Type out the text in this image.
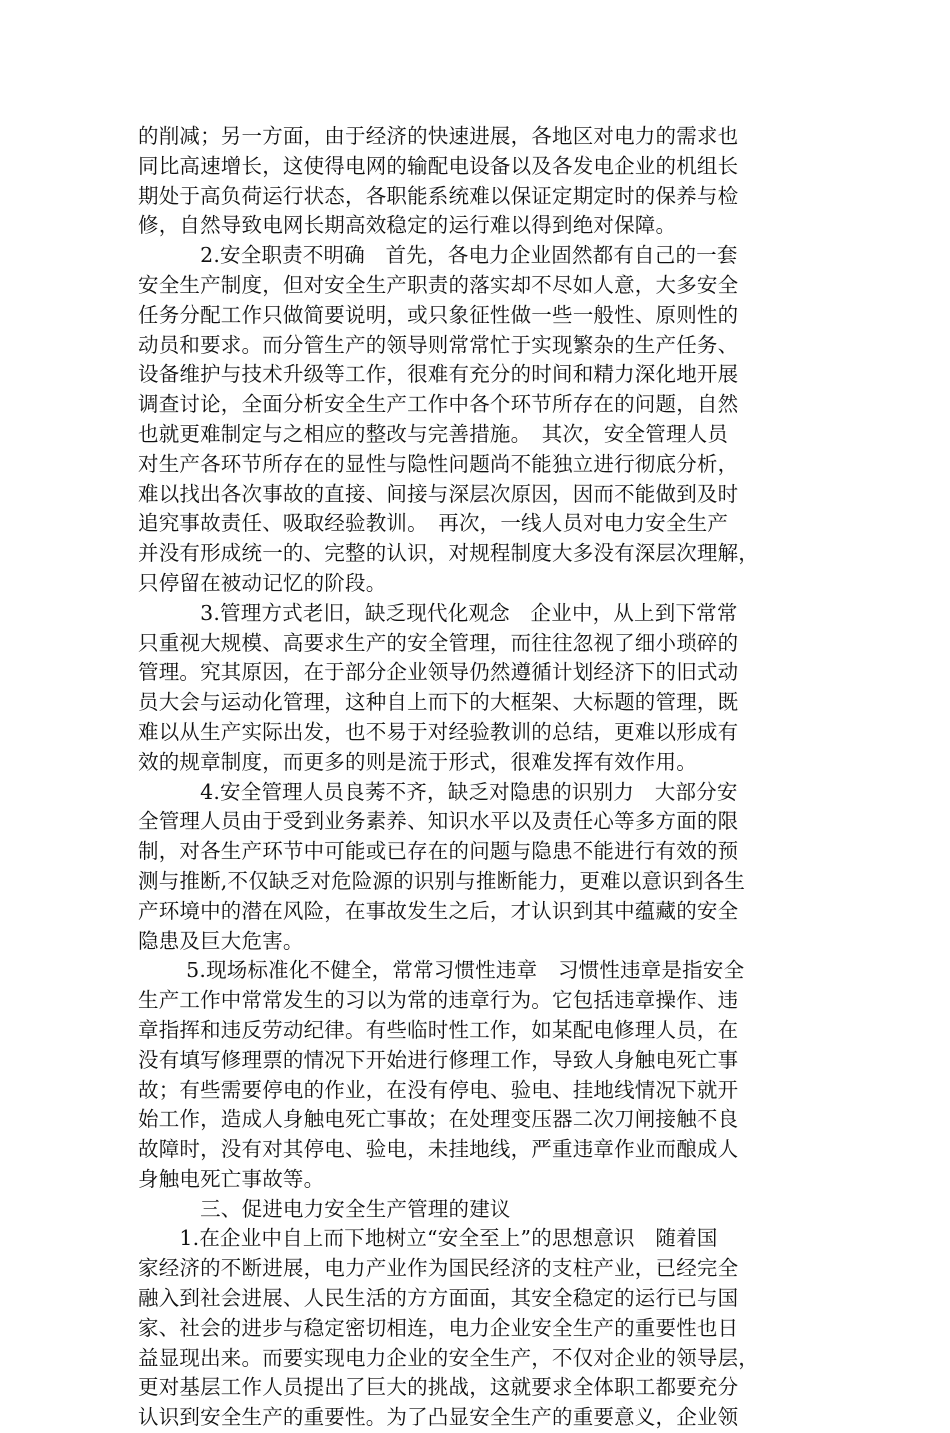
的削减；另一方面，由于经济的快速进展，各地区对电力的需求也
同比高速增长，这使得电网的输配电设备以及各发电企业的机组长
期处于高负荷运行状态，各职能系统难以保证定期定时的保养与检
修，自然导致电网长期高效稳定的运行难以得到绝对保障。
　　　2.安全职责不明确　首先，各电力企业固然都有自己的一套
安全生产制度，但对安全生产职责的落实却不尽如人意，大多安全
任务分配工作只做简要说明，或只象征性做一些一般性、原则性的
动员和要求。而分管生产的领导则常常忙于实现繁杂的生产任务、
设备维护与技术升级等工作，很难有充分的时间和精力深化地开展
调查讨论，全面分析安全生产工作中各个环节所存在的问题，自然
也就更难制定与之相应的整改与完善措施。　其次，安全管理人员
对生产各环节所存在的显性与隐性问题尚不能独立进行彻底分析，
难以找出各次事故的直接、间接与深层次原因，因而不能做到及时
追究事故责任、吸取经验教训。　再次，一线人员对电力安全生产
并没有形成统一的、完整的认识，对规程制度大多没有深层次理解，
只停留在被动记忆的阶段。
　　　3.管理方式老旧，缺乏现代化观念　企业中，从上到下常常
只重视大规模、高要求生产的安全管理，而往往忽视了细小琐碎的
管理。究其原因，在于部分企业领导仍然遵循计划经济下的旧式动
员大会与运动化管理，这种自上而下的大框架、大标题的管理，既
难以从生产实际出发，也不易于对经验教训的总结，更难以形成有
效的规章制度，而更多的则是流于形式，很难发挥有效作用。
　　　4.安全管理人员良莠不齐，缺乏对隐患的识别力　大部分安
全管理人员由于受到业务素养、知识水平以及责任心等多方面的限
制，对各生产环节中可能或已存在的问题与隐患不能进行有效的预
测与推断,不仅缺乏对危险源的识别与推断能力，更难以意识到各生
产环境中的潜在风险，在事故发生之后，才认识到其中蕴藏的安全
隐患及巨大危害。
　　 5.现场标准化不健全，常常习惯性违章　习惯性违章是指安全
生产工作中常常发生的习以为常的违章行为。它包括违章操作、违
章指挥和违反劳动纪律。有些临时性工作，如某配电修理人员，在
没有填写修理票的情况下开始进行修理工作，导致人身触电死亡事
故；有些需要停电的作业，在没有停电、验电、挂地线情况下就开
始工作，造成人身触电死亡事故；在处理变压器二次刀闸接触不良
故障时，没有对其停电、验电，未挂地线，严重违章作业而酿成人
身触电死亡事故等。
　　　三、促进电力安全生产管理的建议
　　1.在企业中自上而下地树立“安全至上”的思想意识　随着国
家经济的不断进展，电力产业作为国民经济的支柱产业，已经完全
融入到社会进展、人民生活的方方面面，其安全稳定的运行已与国
家、社会的进步与稳定密切相连，电力企业安全生产的重要性也日
益显现出来。而要实现电力企业的安全生产，不仅对企业的领导层，
更对基层工作人员提出了巨大的挑战，这就要求全体职工都要充分
认识到安全生产的重要性。为了凸显安全生产的重要意义，企业领
